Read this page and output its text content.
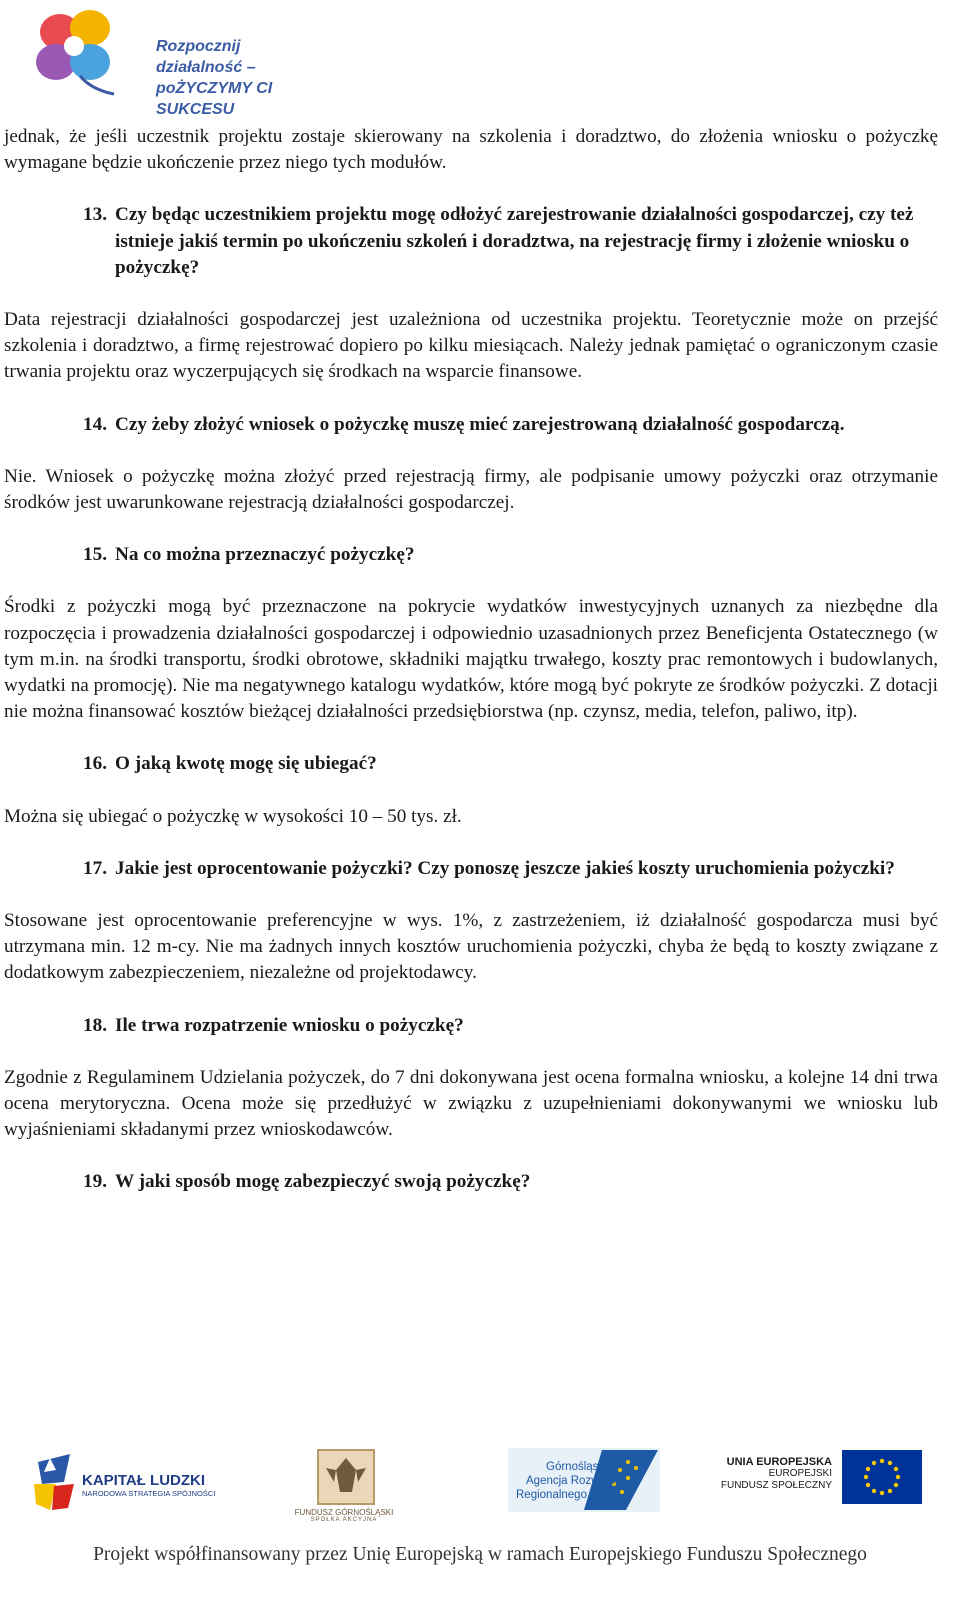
Rozpocznij działalność –
poŻYCZYMY CI SUKCESU

jednak, że jeśli uczestnik projektu zostaje skierowany na szkolenia i doradztwo, do złożenia wniosku o pożyczkę wymagane będzie ukończenie przez niego tych modułów.

13. Czy będąc uczestnikiem projektu mogę odłożyć zarejestrowanie działalności gospodarczej, czy też istnieje jakiś termin po ukończeniu szkoleń i doradztwa, na rejestrację firmy i złożenie wniosku o pożyczkę?

Data rejestracji działalności gospodarczej jest uzależniona od uczestnika projektu. Teoretycznie może on przejść szkolenia i doradztwo, a firmę rejestrować dopiero po kilku miesiącach. Należy jednak pamiętać o ograniczonym czasie trwania projektu oraz wyczerpujących się środkach na wsparcie finansowe.

14. Czy żeby złożyć wniosek o pożyczkę muszę mieć zarejestrowaną działalność gospodarczą.

Nie. Wniosek o pożyczkę można złożyć przed rejestracją firmy, ale podpisanie umowy pożyczki oraz otrzymanie środków jest uwarunkowane rejestracją działalności gospodarczej.

15. Na co można przeznaczyć pożyczkę?

Środki z pożyczki mogą być przeznaczone na pokrycie wydatków inwestycyjnych uznanych za niezbędne dla rozpoczęcia i prowadzenia działalności gospodarczej i odpowiednio uzasadnionych przez Beneficjenta Ostatecznego (w tym m.in. na środki transportu, środki obrotowe, składniki majątku trwałego, koszty prac remontowych i budowlanych, wydatki na promocję). Nie ma negatywnego katalogu wydatków, które mogą być pokryte ze środków pożyczki. Z dotacji nie można finansować kosztów bieżącej działalności przedsiębiorstwa (np. czynsz, media, telefon, paliwo, itp).

16. O jaką kwotę mogę się ubiegać?

Można się ubiegać o pożyczkę w wysokości 10 – 50 tys. zł.

17. Jakie jest oprocentowanie pożyczki? Czy ponoszę jeszcze jakieś koszty uruchomienia pożyczki?

Stosowane jest oprocentowanie preferencyjne w wys. 1%, z zastrzeżeniem, iż działalność gospodarcza musi być utrzymana min. 12 m-cy. Nie ma żadnych innych kosztów uruchomienia pożyczki, chyba że będą to koszty związane z dodatkowym zabezpieczeniem, niezależne od projektodawcy.

18. Ile trwa rozpatrzenie wniosku o pożyczkę?

Zgodnie z Regulaminem Udzielania pożyczek, do 7 dni dokonywana jest ocena formalna wniosku, a kolejne 14 dni trwa ocena merytoryczna. Ocena może się przedłużyć w związku z uzupełnieniami dokonywanymi we wniosku lub wyjaśnieniami składanymi przez wnioskodawców.

19. W jaki sposób mogę zabezpieczyć swoją pożyczkę?
KAPITAŁ LUDZKI
NARODOWA STRATEGIA SPÓJNOŚCI
FUNDUSZ GÓRNOŚLĄSKI
SPÓŁKA AKCYJNA
Górnośląska
Agencja Rozwoju
Regionalnego S.A.
UNIA EUROPEJSKA
EUROPEJSKI
FUNDUSZ SPOŁECZNY
Projekt współfinansowany przez Unię Europejską w ramach Europejskiego Funduszu Społecznego
